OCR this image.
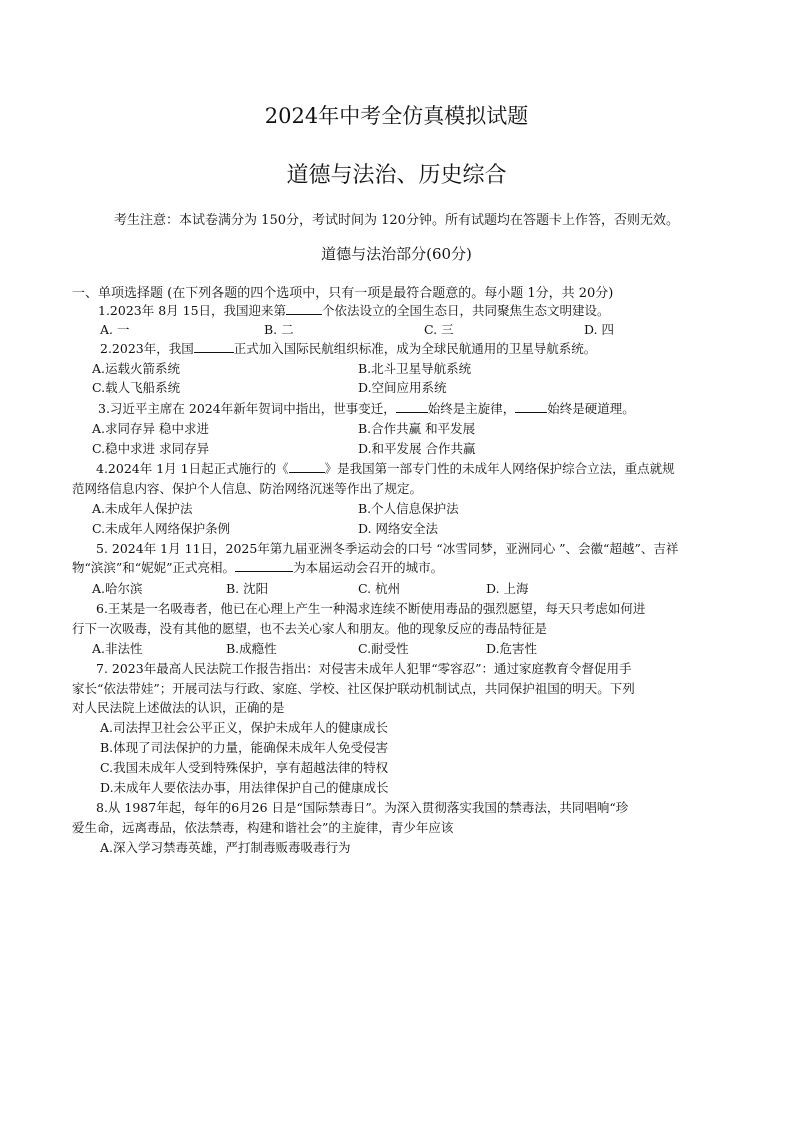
2024年中考全仿真模拟试题
道德与法治、历史综合
考生注意：本试卷满分为 150分，考试时间为 120分钟。所有试题均在答题卡上作答，否则无效。
道德与法治部分(60分)
一、单项选择题 (在下列各题的四个选项中，只有一项是最符合题意的。每小题 1分，共 20分)
1.2023年 8月 15日，我国迎来第	个依法设立的全国生态日，共同聚焦生态文明建设。
A. 一	B. 二	C. 三	D. 四
2.2023年，我国	正式加入国际民航组织标准，成为全球民航通用的卫星导航系统。
A.运载火箭系统	B.北斗卫星导航系统
C.载人飞船系统	D.空间应用系统
3.习近平主席在 2024年新年贺词中指出，世事变迁，	始终是主旋律，	始终是硬道理。
A.求同存异 稳中求进	B.合作共赢 和平发展
C.稳中求进 求同存异	D.和平发展 合作共赢
4.2024年 1月 1日起正式施行的《	》是我国第一部专门性的未成年人网络保护综合立法，重点就规
范网络信息内容、保护个人信息、防治网络沉迷等作出了规定。
A.未成年人保护法	B.个人信息保护法
C.未成年人网络保护条例	D. 网络安全法
5. 2024年 1月 11日，2025年第九届亚洲冬季运动会的口号 “冰雪同梦，亚洲同心 ”、会徽“超越”、吉祥
物“滨滨”和“妮妮”正式亮相。	为本届运动会召开的城市。
A.哈尔滨	B. 沈阳	C. 杭州	D. 上海
6.王某是一名吸毒者，他已在心理上产生一种渴求连续不断使用毒品的强烈愿望，每天只考虑如何进
行下一次吸毒，没有其他的愿望，也不去关心家人和朋友。他的现象反应的毒品特征是
A.非法性	B.成瘾性	C.耐受性	D.危害性
7. 2023年最高人民法院工作报告指出：对侵害未成年人犯罪“零容忍”：通过家庭教育令督促用手
家长“依法带娃”；开展司法与行政、家庭、学校、社区保护联动机制试点，共同保护祖国的明天。下列
对人民法院上述做法的认识，正确的是
A.司法捍卫社会公平正义，保护未成年人的健康成长
B.体现了司法保护的力量，能确保未成年人免受侵害
C.我国未成年人受到特殊保护，享有超越法律的特权
D.未成年人要依法办事，用法律保护自己的健康成长
8.从 1987年起，每年的6月26 日是“国际禁毒日”。为深入贯彻落实我国的禁毒法，共同唱响“珍
爱生命，远离毒品，依法禁毒，构建和谐社会”的主旋律，青少年应该
A.深入学习禁毒英雄，严打制毒贩毒吸毒行为
